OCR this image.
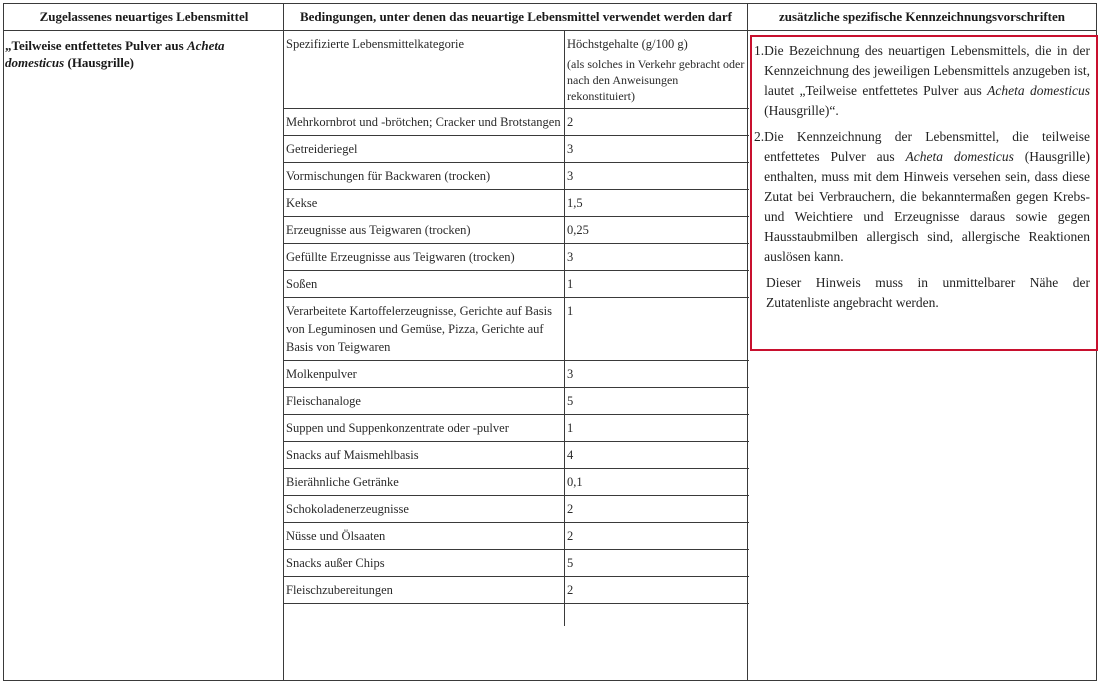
Zugelassenes neuartiges Lebensmittel	Bedingungen, unter denen das neuartige Lebensmittel verwendet werden darf	zusätzliche spezifische Kennzeichnungsvorschriften
„Teilweise entfettetes Pulver aus Acheta domesticus (Hausgrille)
Spezifizierte Lebensmittelkategorie	Höchstgehalte (g/100 g)
(als solches in Verkehr gebracht oder nach den Anweisungen rekonstituiert)

Mehrkornbrot und -brötchen; Cracker und Brotstangen	2
Getreideriegel	3
Vormischungen für Backwaren (trocken)	3
Kekse	1,5
Erzeugnisse aus Teigwaren (trocken)	0,25
Gefüllte Erzeugnisse aus Teigwaren (trocken)	3
Soßen	1
Verarbeitete Kartoffelerzeugnisse, Gerichte auf Basis von Leguminosen und Gemüse, Pizza, Gerichte auf Basis von Teigwaren	1
Molkenpulver	3
Fleischanaloge	5
Suppen und Suppenkonzentrate oder -pulver	1
Snacks auf Maismehlbasis	4
Bierähnliche Getränke	0,1
Schokoladenerzeugnisse	2
Nüsse und Ölsaaten	2
Snacks außer Chips	5
Fleischzubereitungen	2

1. Die Bezeichnung des neuartigen Lebensmittels, die in der Kennzeichnung des jeweiligen Lebensmittels anzugeben ist, lautet „Teilweise entfettetes Pulver aus Acheta domesticus (Hausgrille)“.
2. Die Kennzeichnung der Lebensmittel, die teilweise entfettetes Pulver aus Acheta domesticus (Hausgrille) enthalten, muss mit dem Hinweis versehen sein, dass diese Zutat bei Verbrauchern, die bekanntermaßen gegen Krebs- und Weichtiere und Erzeugnisse daraus sowie gegen Hausstaubmilben allergisch sind, allergische Reaktionen auslösen kann.
Dieser Hinweis muss in unmittelbarer Nähe der Zutatenliste angebracht werden.
